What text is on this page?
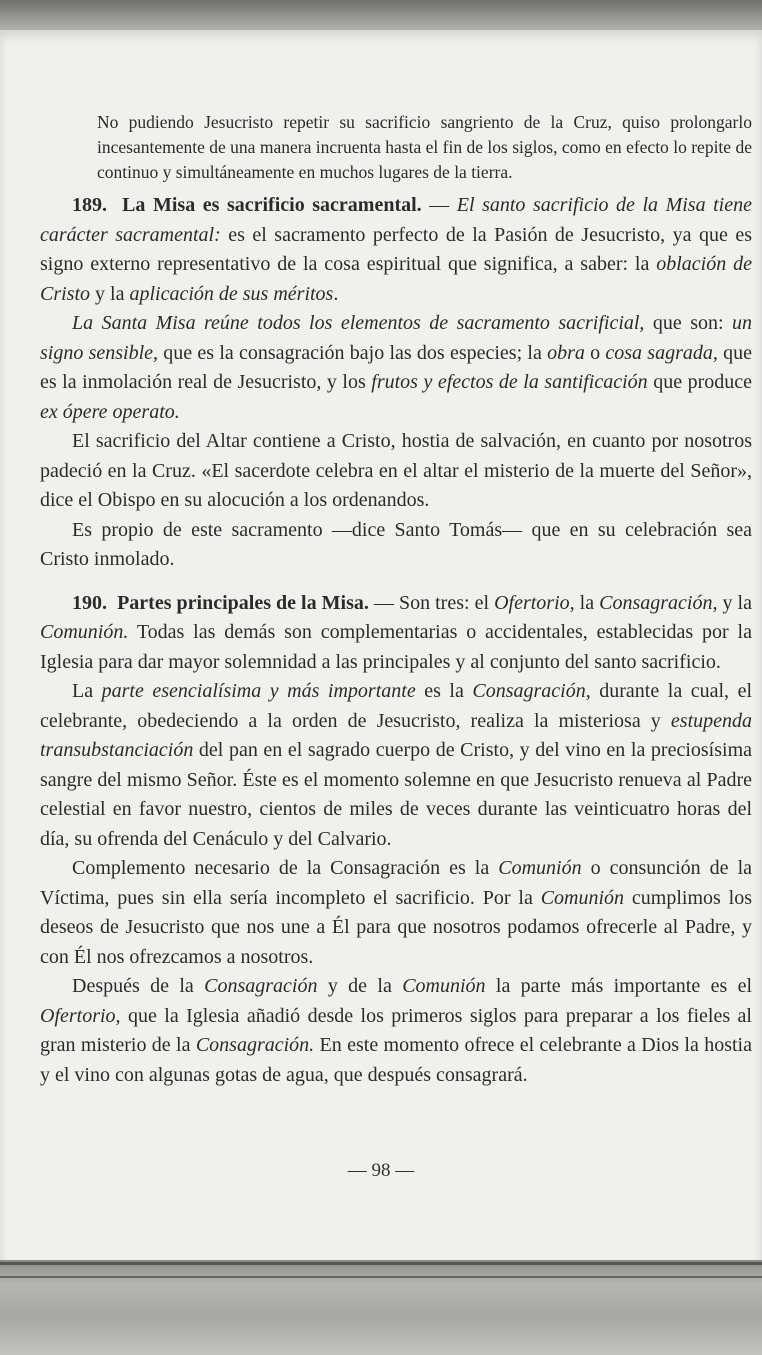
No pudiendo Jesucristo repetir su sacrificio sangriento de la Cruz, quiso prolongarlo incesantemente de una manera incruenta hasta el fin de los siglos, como en efecto lo repite de continuo y simultáneamente en muchos lugares de la tierra.

189. La Misa es sacrificio sacramental. — El santo sacrificio de la Misa tiene carácter sacramental: es el sacramento perfecto de la Pasión de Jesucristo, ya que es signo externo representativo de la cosa espiritual que significa, a saber: la oblación de Cristo y la aplicación de sus méritos.

La Santa Misa reúne todos los elementos de sacramento sacrificial, que son: un signo sensible, que es la consagración bajo las dos especies; la obra o cosa sagrada, que es la inmolación real de Jesucristo, y los frutos y efectos de la santificación que produce ex ópere operato.

El sacrificio del Altar contiene a Cristo, hostia de salvación, en cuanto por nosotros padeció en la Cruz. «El sacerdote celebra en el altar el misterio de la muerte del Señor», dice el Obispo en su alocución a los ordenandos.

Es propio de este sacramento —dice Santo Tomás— que en su celebración sea Cristo inmolado.

190. Partes principales de la Misa. — Son tres: el Ofertorio, la Consagración, y la Comunión. Todas las demás son complementarias o accidentales, establecidas por la Iglesia para dar mayor solemnidad a las principales y al conjunto del santo sacrificio.

La parte esencialísima y más importante es la Consagración, durante la cual, el celebrante, obedeciendo a la orden de Jesucristo, realiza la misteriosa y estupenda transubstanciación del pan en el sagrado cuerpo de Cristo, y del vino en la preciosísima sangre del mismo Señor. Éste es el momento solemne en que Jesucristo renueva al Padre celestial en favor nuestro, cientos de miles de veces durante las veinticuatro horas del día, su ofrenda del Cenáculo y del Calvario.

Complemento necesario de la Consagración es la Comunión o consunción de la Víctima, pues sin ella sería incompleto el sacrificio. Por la Comunión cumplimos los deseos de Jesucristo que nos une a Él para que nosotros podamos ofrecerle al Padre, y con Él nos ofrezcamos a nosotros.

Después de la Consagración y de la Comunión la parte más importante es el Ofertorio, que la Iglesia añadió desde los primeros siglos para preparar a los fieles al gran misterio de la Consagración. En este momento ofrece el celebrante a Dios la hostia y el vino con algunas gotas de agua, que después consagrará.

— 98 —
